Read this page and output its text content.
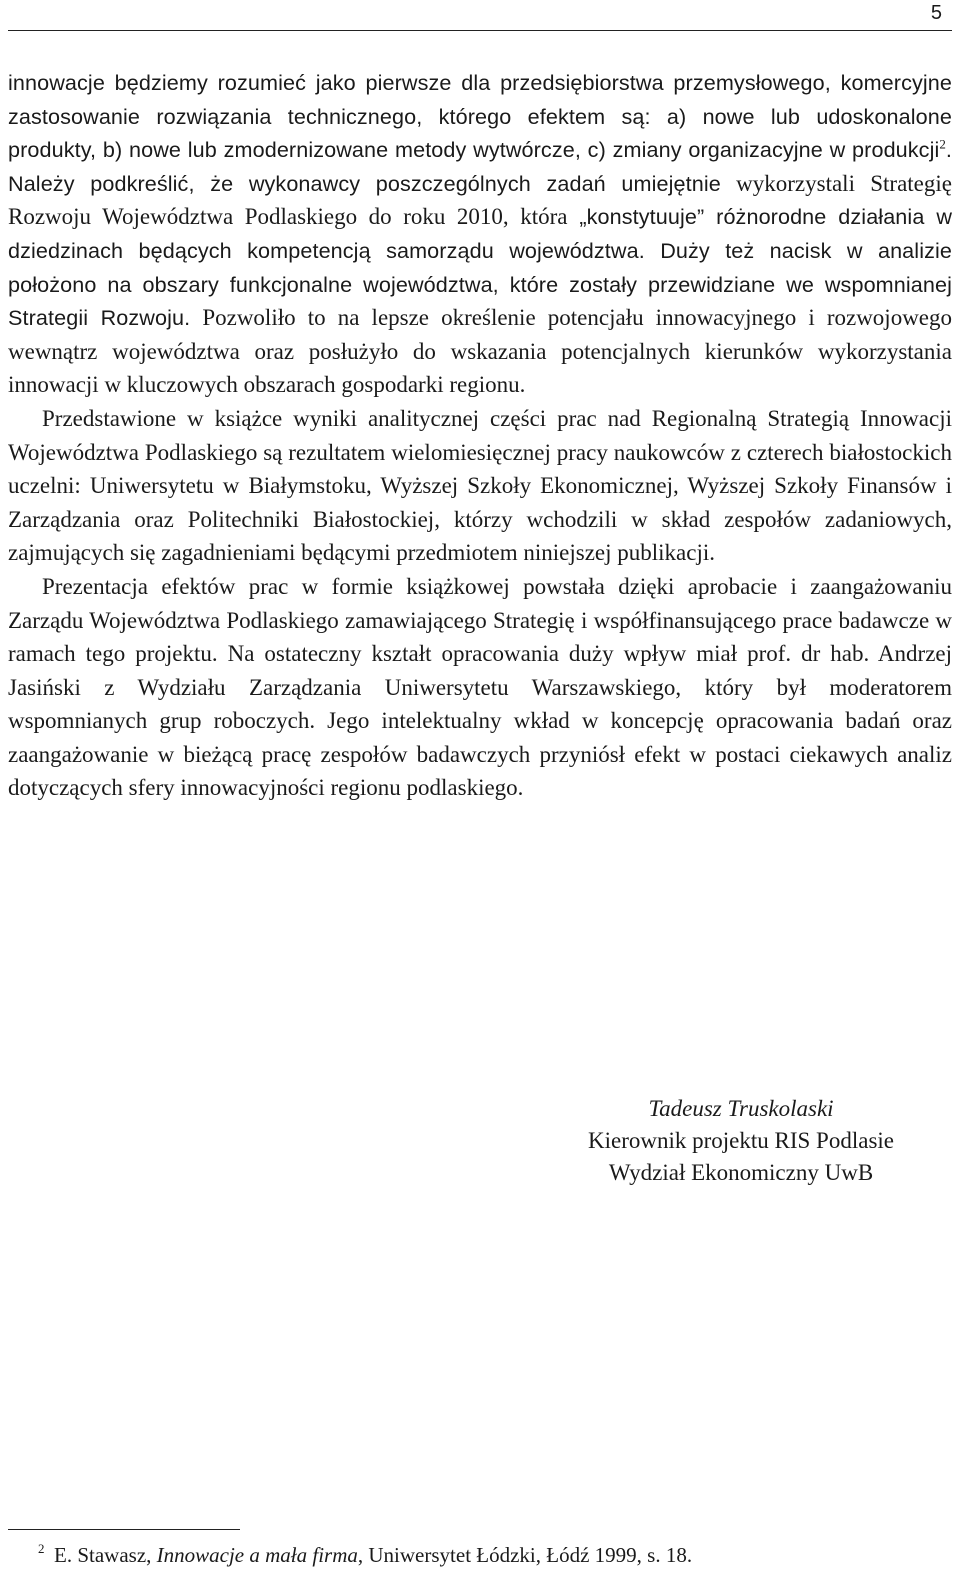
5

innowacje będziemy rozumieć jako pierwsze dla przedsiębiorstwa przemysłowego, komercyjne zastosowanie rozwiązania technicznego, którego efektem są: a) nowe lub udoskonalone produkty, b) nowe lub zmodernizowane metody wytwórcze, c) zmiany organizacyjne w produkcji$^2$. Należy podkreślić, że wykonawcy poszczególnych zadań umiejętnie wykorzystali Strategię Rozwoju Województwa Podlaskiego do roku 2010, która „konstytuuje” różnorodne działania w dziedzinach będących kompetencją samorządu województwa. Duży też nacisk w analizie położono na obszary funkcjonalne województwa, które zostały przewidziane we wspomnianej Strategii Rozwoju. Pozwoliło to na lepsze określenie potencjału innowacyjnego i rozwojowego wewnątrz województwa oraz posłużyło do wskazania potencjalnych kierunków wykorzystania innowacji w kluczowych obszarach gospodarki regionu.

Przedstawione w książce wyniki analitycznej części prac nad Regionalną Strategią Innowacji Województwa Podlaskiego są rezultatem wielomiesięcznej pracy naukowców z czterech białostockich uczelni: Uniwersytetu w Białymstoku, Wyższej Szkoły Ekonomicznej, Wyższej Szkoły Finansów i Zarządzania oraz Politechniki Białostockiej, którzy wchodzili w skład zespołów zadaniowych, zajmujących się zagadnieniami będącymi przedmiotem niniejszej publikacji.

Prezentacja efektów prac w formie książkowej powstała dzięki aprobacie i zaangażowaniu Zarządu Województwa Podlaskiego zamawiającego Strategię i współfinansującego prace badawcze w ramach tego projektu. Na ostateczny kształt opracowania duży wpływ miał prof. dr hab. Andrzej Jasiński z Wydziału Zarządzania Uniwersytetu Warszawskiego, który był moderatorem wspomnianych grup roboczych. Jego intelektualny wkład w koncepcję opracowania badań oraz zaangażowanie w bieżącą pracę zespołów badawczych przyniósł efekt w postaci ciekawych analiz dotyczących sfery innowacyjności regionu podlaskiego.

Tadeusz Truskolaski
Kierownik projektu RIS Podlasie
Wydział Ekonomiczny UwB
2 E. Stawasz, Innowacje a mała firma, Uniwersytet Łódzki, Łódź 1999, s. 18.
